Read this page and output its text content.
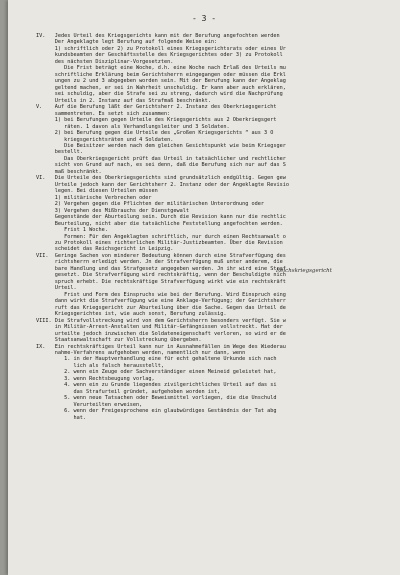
- 3 -
IV.   Jedes Urteil des Kriegsgerichts kann mit der Berufung angefochten werden
Der Angeklagte legt Berufung auf folgende Weise ein:
1) schriftlich oder 2) zu Protokoll eines Kriegsgerichtsrats oder eines Ur
kundsbeamten der Geschäftsstelle des Kriegsgerichtes oder 3) zu Protokoll
des nächsten Disziplinar-Vorgesetzten.
Die Frist beträgt eine Woche, d.h. eine Woche nach Erlaß des Urteils mu
schriftliche Erklärung beim Gerichtsherrn eingegangen oder müssen die Erkl
ungen zu 2 und 3 abgegeben worden sein. Mit der Berufung kann der Angeklag
geltend machen, er sei in Wahrheit unschuldig. Er kann aber auch erklären,
sei schuldig, aber die Strafe sei zu streng, dadurch wird die Nachprüfung
Urteils in 2. Instanz auf das Strafmaß beschränkt.
V.    Auf die Berufung läßt der Gerichtsherr 2. Instanz des Oberkriegsgericht
sammentreten. Es setzt sich zusammen:
1) bei Berufungen gegen Urteile des Kriegsgerichts aus 2 Oberkriegsgert
räten. 1 davon als Verhandlungsleiter und 3 Soldaten.
2) bei Berufung gegen die Urteile des „Großen Kriegsgerichts “ aus 3 O
kriegsgerichtsräten und 4 Soldaten.
Die Beisitzer werden nach dem gleichen Gesichtspunkt wie beim Kriegsger
bestellt.
Das Oberkriegsgericht prüft das Urteil in tatsächlicher und rechtlicher
sicht von Grund auf nach, es sei denn, daß die Berufung sich nur auf das S
maß beschränkt.
VI.   Die Urteile des Oberkriegsgerichts sind grundsätzlich endgültig. Gegen gew
Urteile jedoch kann der Gerichtsherr 2. Instanz oder der Angeklagte Revisio
legen. Bei diesen Urteilen müssen
1) militärische Verbrechen oder
2) Vergehen gegen die Pflichten der militärischen Unterordnung oder
3) Vergehen des Mißbrauchs der Dienstgewalt
Gegenstände der Aburteilung sein. Durch die Revision kann nur die rechtlic
Beurteilung, nicht aber die tatsächliche Feststellung angefochten werden.
Frist 1 Woche.
Formen: Für den Angeklagten schriftlich, nur durch einen Rechtsanwalt o
zu Protokoll eines richterlichen Militär-Justizbeamten. Über die Revision
scheidet das Reichsgericht in Leipzig.
VII.  Geringe Sachen von minderer Bedeutung können durch eine Strafverfügung des
richtsherrn erledigt werden. Jn der Strafverfügung muß unter anderem, die
bare Handlung und das Strafgesetz angegeben werden. Jn ihr wird eine Straf
gesetzt. Die Strafverfügung wird rechtskräftig, wenn der Beschuldigte nich
spruch erhebt. Die rechtskräftige Strafverfügung wirkt wie ein rechtskräft
Urteil.
Frist und Form des Einspruchs wie bei der Berufung. Wird Einspruch eing
dann wirkt die Strafverfügung wie eine Anklage-Verfügung; der Gerichtsherr
ruft das Kriegsgericht zur Aburteilung über die Sache. Gegen das Urteil de
Kriegsgerichtes ist, wie auch sonst, Berufung zulässig.
VIII. Die Strafvollstreckung wird von dem Gerichtsherrn besonders verfügt. Sie w
in Militär-Arrest-Anstalten und Militär-Gefängnissen vollstreckt. Hat der
urteilte jedoch inzwischen die Soldateneigenschaft verloren, so wird er de
Staatsanwaltschaft zur Vollstreckung übergeben.
IX.   Ein rechtskräftiges Urteil kann nur in Ausnahmefällen im Wege des Wiederau
nahme-Verfahrens aufgehoben werden, namentlich nur dann, wenn
1. in der Hauptverhandlung eine für echt gehaltene Urkunde sich nach
lich als falsch herausstellt,
2. wenn ein Zeuge oder Sachverständiger einen Meineid geleistet hat,
3. wenn Rechtsbeugung vorlag,
4. wenn ein zu Grunde liegendes zivilgerichtliches Urteil auf das si
das Strafurteil gründet, aufgehoben worden ist,
5. wenn neue Tatsachen oder Beweismittel vorliegen, die die Unschuld
Verurteilten erweisen,
6. wenn der Freigesprochene ein glaubwürdiges Geständnis der Tat abg
hat.
Reichskriegsgericht
